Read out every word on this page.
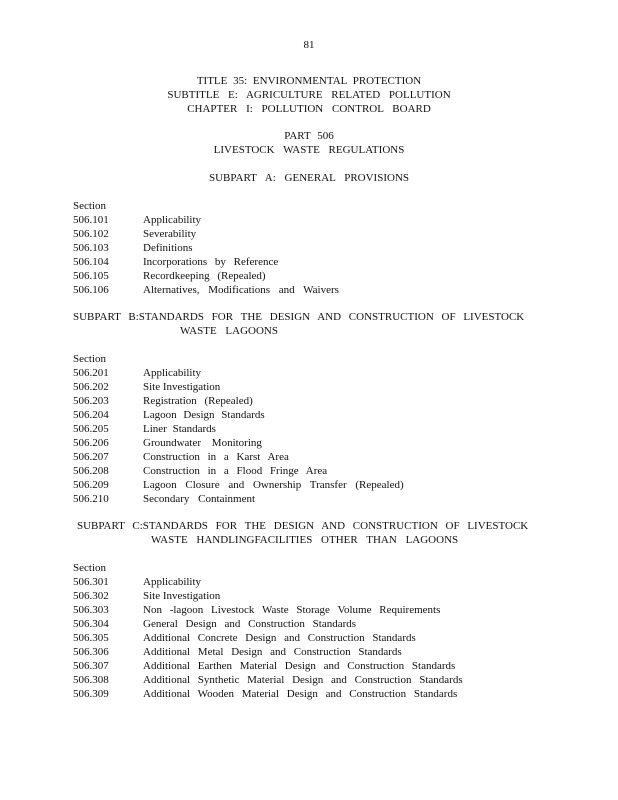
81
TITLE 35: ENVIRONMENTAL PROTECTION
SUBTITLE E: AGRICULTURE RELATED POLLUTION
CHAPTER I: POLLUTION CONTROL BOARD
PART 506
LIVESTOCK WASTE REGULATIONS
SUBPART A: GENERAL PROVISIONS
Section
506.101	Applicability
506.102	Severability
506.103	Definitions
506.104	Incorporations by Reference
506.105	Recordkeeping (Repealed)
506.106	Alternatives, Modifications and Waivers
SUBPART B:STANDARDS FOR THE DESIGN AND CONSTRUCTION OF LIVESTOCK
WASTE LAGOONS
Section
506.201	Applicability
506.202	Site Investigation
506.203	Registration (Repealed)
506.204	Lagoon Design Standards
506.205	Liner Standards
506.206	Groundwater Monitoring
506.207	Construction in a Karst Area
506.208	Construction in a Flood Fringe Area
506.209	Lagoon Closure and Ownership Transfer (Repealed)
506.210	Secondary Containment
SUBPART C:STANDARDS FOR THE DESIGN AND CONSTRUCTION OF LIVESTOCK
WASTE HANDLINGFACILITIES OTHER THAN LAGOONS
Section
506.301	Applicability
506.302	Site Investigation
506.303	Non -lagoon Livestock Waste Storage Volume Requirements
506.304	General Design and Construction Standards
506.305	Additional Concrete Design and Construction Standards
506.306	Additional Metal Design and Construction Standards
506.307	Additional Earthen Material Design and Construction Standards
506.308	Additional Synthetic Material Design and Construction Standards
506.309	Additional Wooden Material Design and Construction Standards
